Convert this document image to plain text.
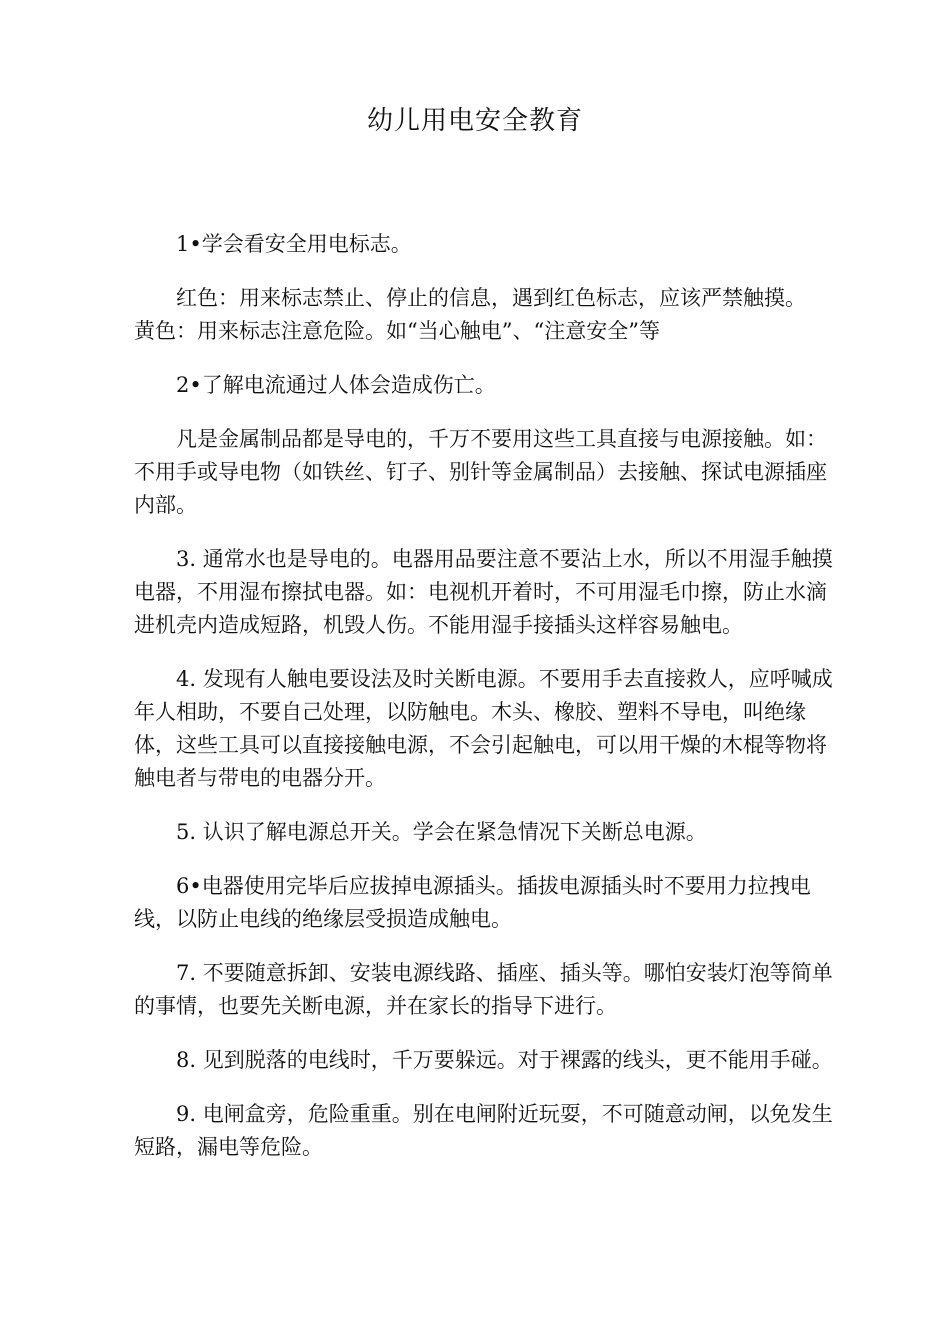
幼儿用电安全教育

1•学会看安全用电标志。

红色：用来标志禁止、停止的信息，遇到红色标志，应该严禁触摸。

黄色：用来标志注意危险。如“当心触电”、“注意安全”等

2•了解电流通过人体会造成伤亡。

凡是金属制品都是导电的，千万不要用这些工具直接与电源接触。如：不用手或导电物（如铁丝、钉子、别针等金属制品）去接触、探试电源插座内部。

3. 通常水也是导电的。电器用品要注意不要沾上水，所以不用湿手触摸电器，不用湿布擦拭电器。如：电视机开着时，不可用湿毛巾擦，防止水滴进机壳内造成短路，机毁人伤。不能用湿手接插头这样容易触电。

4. 发现有人触电要设法及时关断电源。不要用手去直接救人，应呼喊成年人相助，不要自己处理，以防触电。木头、橡胶、塑料不导电，叫绝缘体，这些工具可以直接接触电源，不会引起触电，可以用干燥的木棍等物将触电者与带电的电器分开。

5. 认识了解电源总开关。学会在紧急情况下关断总电源。

6•电器使用完毕后应拔掉电源插头。插拔电源插头时不要用力拉拽电线，以防止电线的绝缘层受损造成触电。

7. 不要随意拆卸、安装电源线路、插座、插头等。哪怕安装灯泡等简单的事情，也要先关断电源，并在家长的指导下进行。

8. 见到脱落的电线时，千万要躲远。对于裸露的线头，更不能用手碰。

9. 电闸盒旁，危险重重。别在电闸附近玩耍，不可随意动闸，以免发生短路，漏电等危险。
